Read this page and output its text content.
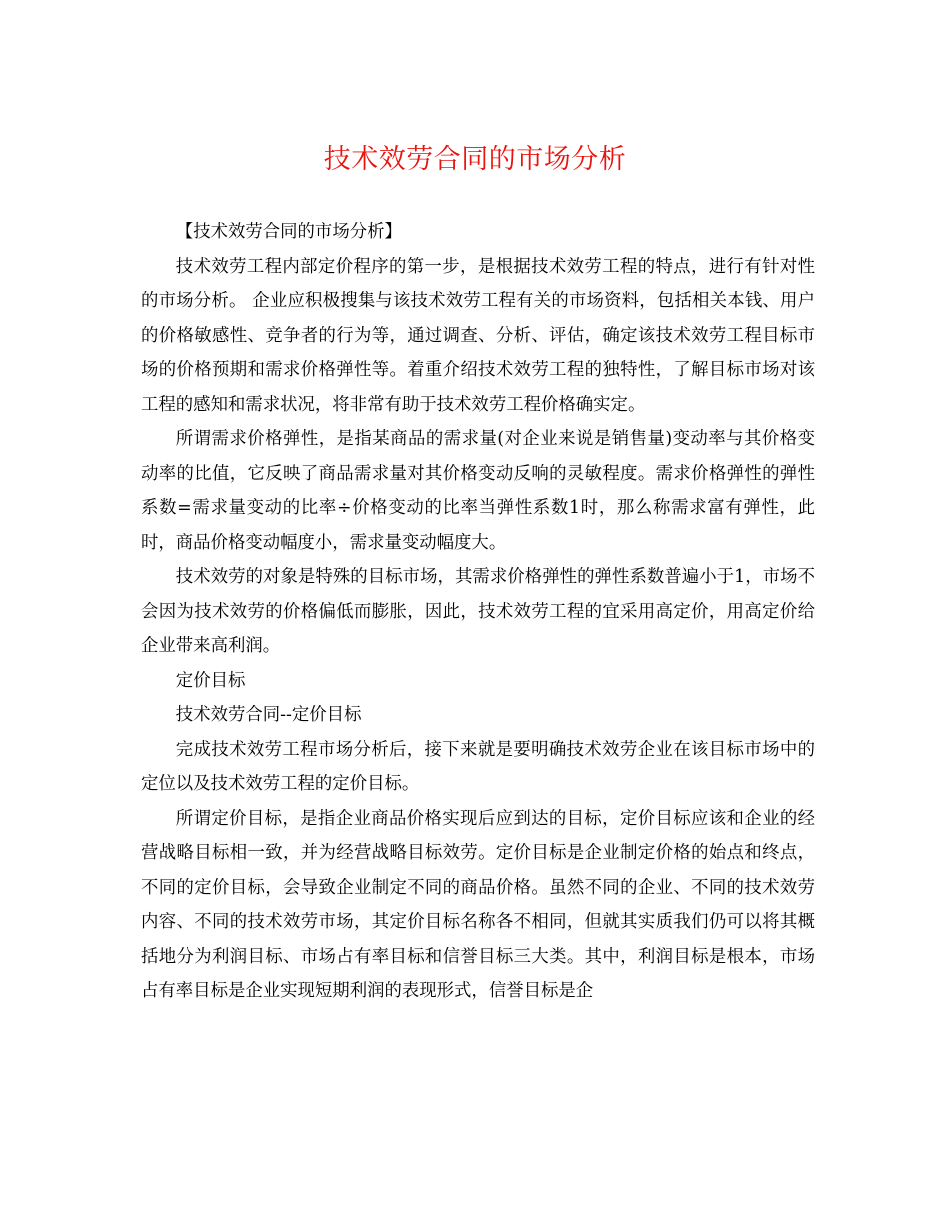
技术效劳合同的市场分析

【技术效劳合同的市场分析】

技术效劳工程内部定价程序的第一步，是根据技术效劳工程的特点，进行有针对性的市场分析。 企业应积极搜集与该技术效劳工程有关的市场资料，包括相关本钱、用户的价格敏感性、竞争者的行为等，通过调查、分析、评估，确定该技术效劳工程目标市场的价格预期和需求价格弹性等。着重介绍技术效劳工程的独特性，了解目标市场对该工程的感知和需求状况，将非常有助于技术效劳工程价格确实定。

所谓需求价格弹性，是指某商品的需求量(对企业来说是销售量)变动率与其价格变动率的比值，它反映了商品需求量对其价格变动反响的灵敏程度。需求价格弹性的弹性系数=需求量变动的比率÷价格变动的比率当弹性系数1时，那么称需求富有弹性，此时，商品价格变动幅度小，需求量变动幅度大。

技术效劳的对象是特殊的目标市场，其需求价格弹性的弹性系数普遍小于1，市场不会因为技术效劳的价格偏低而膨胀，因此，技术效劳工程的宜采用高定价，用高定价给企业带来高利润。

定价目标

技术效劳合同--定价目标

完成技术效劳工程市场分析后，接下来就是要明确技术效劳企业在该目标市场中的定位以及技术效劳工程的定价目标。

所谓定价目标，是指企业商品价格实现后应到达的目标，定价目标应该和企业的经营战略目标相一致，并为经营战略目标效劳。定价目标是企业制定价格的始点和终点，不同的定价目标，会导致企业制定不同的商品价格。虽然不同的企业、不同的技术效劳内容、不同的技术效劳市场，其定价目标名称各不相同，但就其实质我们仍可以将其概括地分为利润目标、市场占有率目标和信誉目标三大类。其中，利润目标是根本，市场占有率目标是企业实现短期利润的表现形式，信誉目标是企
